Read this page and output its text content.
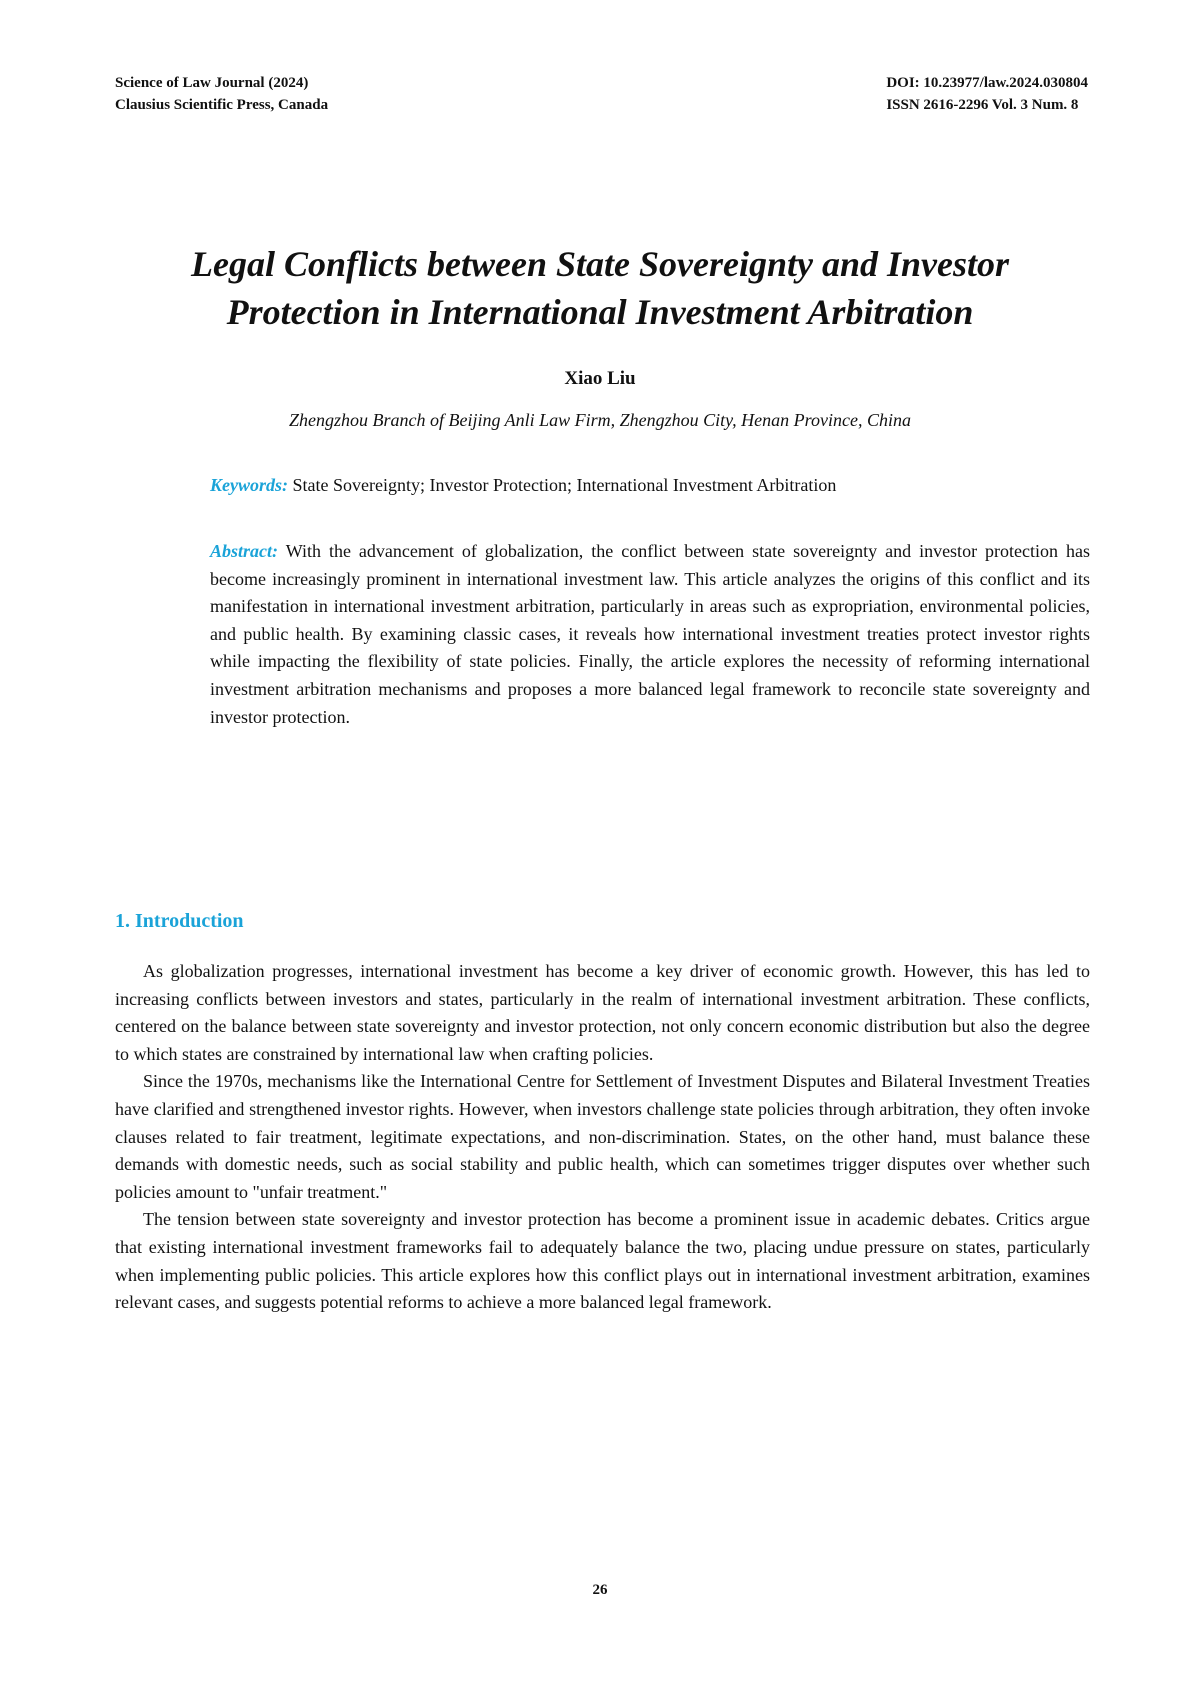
Science of Law Journal (2024)
Clausius Scientific Press, Canada
DOI: 10.23977/law.2024.030804
ISSN 2616-2296 Vol. 3 Num. 8
Legal Conflicts between State Sovereignty and Investor
Protection in International Investment Arbitration
Xiao Liu
Zhengzhou Branch of Beijing Anli Law Firm, Zhengzhou City, Henan Province, China
Keywords: State Sovereignty; Investor Protection; International Investment Arbitration

Abstract: With the advancement of globalization, the conflict between state sovereignty and investor protection has become increasingly prominent in international investment law. This article analyzes the origins of this conflict and its manifestation in international investment arbitration, particularly in areas such as expropriation, environmental policies, and public health. By examining classic cases, it reveals how international investment treaties protect investor rights while impacting the flexibility of state policies. Finally, the article explores the necessity of reforming international investment arbitration mechanisms and proposes a more balanced legal framework to reconcile state sovereignty and investor protection.

1. Introduction

As globalization progresses, international investment has become a key driver of economic growth. However, this has led to increasing conflicts between investors and states, particularly in the realm of international investment arbitration. These conflicts, centered on the balance between state sovereignty and investor protection, not only concern economic distribution but also the degree to which states are constrained by international law when crafting policies.

Since the 1970s, mechanisms like the International Centre for Settlement of Investment Disputes and Bilateral Investment Treaties have clarified and strengthened investor rights. However, when investors challenge state policies through arbitration, they often invoke clauses related to fair treatment, legitimate expectations, and non-discrimination. States, on the other hand, must balance these demands with domestic needs, such as social stability and public health, which can sometimes trigger disputes over whether such policies amount to "unfair treatment."

The tension between state sovereignty and investor protection has become a prominent issue in academic debates. Critics argue that existing international investment frameworks fail to adequately balance the two, placing undue pressure on states, particularly when implementing public policies. This article explores how this conflict plays out in international investment arbitration, examines relevant cases, and suggests potential reforms to achieve a more balanced legal framework.

26
